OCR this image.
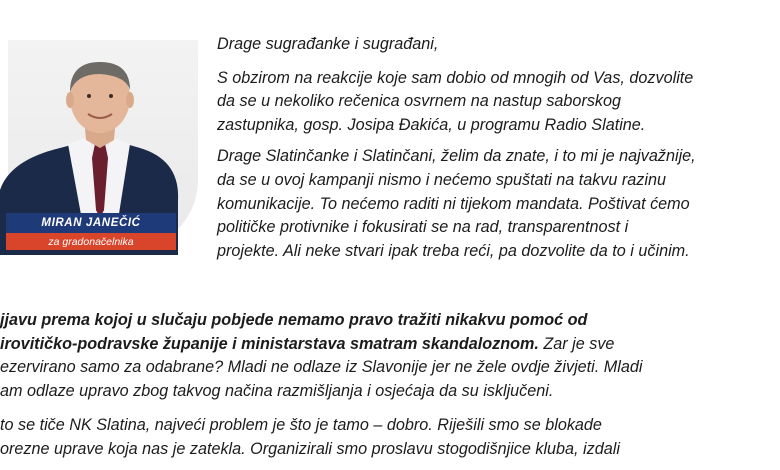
MIRAN JANEČIĆ
za gradonačelnika

Drage sugrađanke i sugrađani,

S obzirom na reakcije koje sam dobio od mnogih od Vas, dozvolite
da se u nekoliko rečenica osvrnem na nastup saborskog
zastupnika, gosp. Josipa Đakića, u programu Radio Slatine.

Drage Slatinčanke i Slatinčani, želim da znate, i to mi je najvažnije,
da se u ovoj kampanji nismo i nećemo spuštati na takvu razinu
komunikacije. To nećemo raditi ni tijekom mandata. Poštivat ćemo
političke protivnike i fokusirati se na rad, transparentnost i
projekte. Ali neke stvari ipak treba reći, pa dozvolite da to i učinim.

jjavu prema kojoj u slučaju pobjede nemamo pravo tražiti nikakvu pomoć od
irovitičko-podravske županije i ministarstava smatram skandaloznom. Zar je sve
ezervirano samo za odabrane? Mladi ne odlaze iz Slavonije jer ne žele ovdje živjeti. Mladi
am odlaze upravo zbog takvog načina razmišljanja i osjećaja da su isključeni.

to se tiče NK Slatina, najveći problem je što je tamo – dobro. Riješili smo se blokade
orezne uprave koja nas je zatekla. Organizirali smo proslavu stogodišnjice kluba, izdali
